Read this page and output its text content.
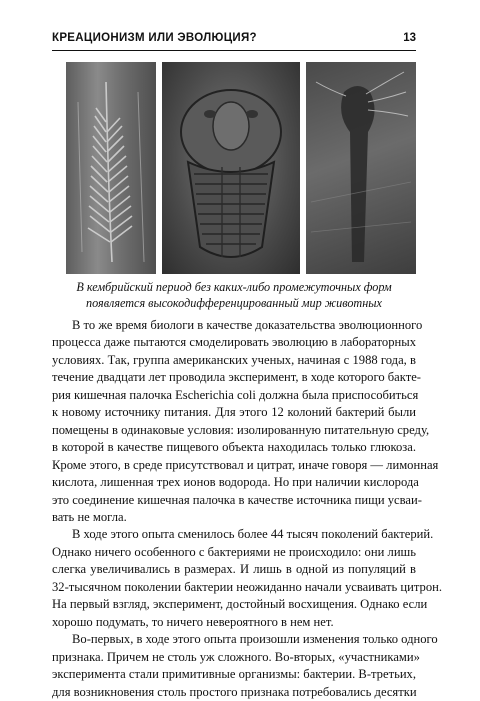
КРЕАЦИОНИЗМ ИЛИ ЭВОЛЮЦИЯ?	13
В кембрийский период без каких-либо промежуточных форм
появляется высокодифференцированный мир животных
В то же время биологи в качестве доказательства эволюционного
процесса даже пытаются смоделировать эволюцию в лабораторных
условиях. Так, группа американских ученых, начиная с 1988 года, в
течение двадцати лет проводила эксперимент, в ходе которого бакте-
рия кишечная палочка Escherichia coli должна была приспособиться
к новому источнику питания. Для этого 12 колоний бактерий были
помещены в одинаковые условия: изолированную питательную среду,
в которой в качестве пищевого объекта находилась только глюкоза.
Кроме этого, в среде присутствовал и цитрат, иначе говоря — лимонная
кислота, лишенная трех ионов водорода. Но при наличии кислорода
это соединение кишечная палочка в качестве источника пищи усваи-
вать не могла.
В ходе этого опыта сменилось более 44 тысяч поколений бактерий.
Однако ничего особенного с бактериями не происходило: они лишь
слегка увеличивались в размерах. И лишь в одной из популяций в
32-тысячном поколении бактерии неожиданно начали усваивать цитрон.
На первый взгляд, эксперимент, достойный восхищения. Однако если
хорошо подумать, то ничего невероятного в нем нет.
Во-первых, в ходе этого опыта произошли изменения только одного
признака. Причем не столь уж сложного. Во-вторых, «участниками»
эксперимента стали примитивные организмы: бактерии. В-третьих,
для возникновения столь простого признака потребовались десятки
